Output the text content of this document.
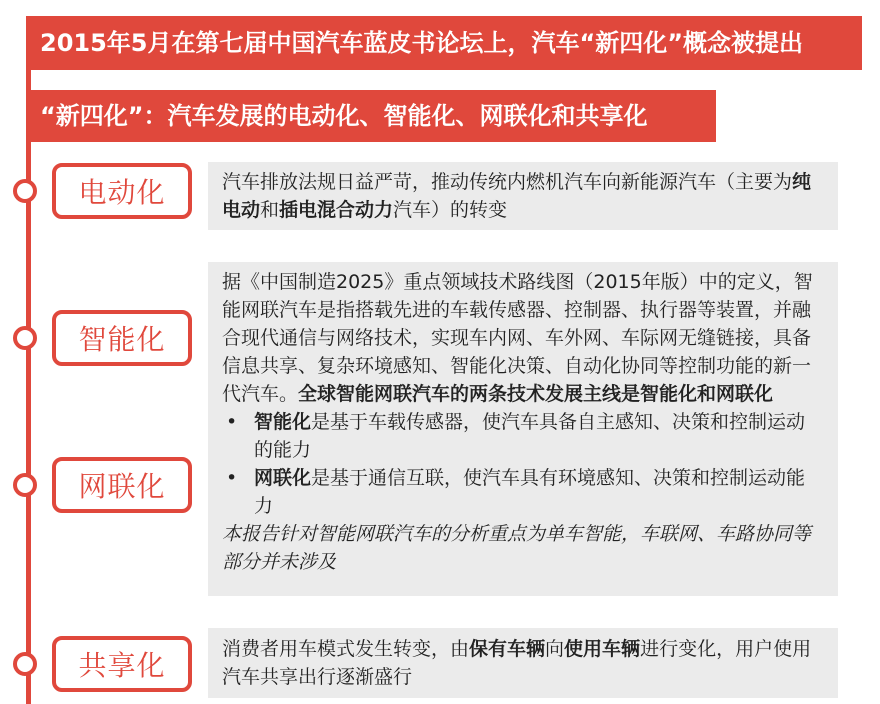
2015年5月在第七届中国汽车蓝皮书论坛上，汽车“新四化”概念被提出
“新四化”：汽车发展的电动化、智能化、网联化和共享化
电动化	汽车排放法规日益严苛，推动传统内燃机汽车向新能源汽车（主要为纯电动和插电混合动力汽车）的转变
智能化
网联化
据《中国制造2025》重点领域技术路线图（2015年版）中的定义，智能网联汽车是指搭载先进的车载传感器、控制器、执行器等装置，并融合现代通信与网络技术，实现车内网、车外网、车际网无缝链接，具备信息共享、复杂环境感知、智能化决策、自动化协同等控制功能的新一代汽车。全球智能网联汽车的两条技术发展主线是智能化和网联化
• 智能化是基于车载传感器，使汽车具备自主感知、决策和控制运动的能力
• 网联化是基于通信互联，使汽车具有环境感知、决策和控制运动能力
本报告针对智能网联汽车的分析重点为单车智能，车联网、车路协同等部分并未涉及
共享化	消费者用车模式发生转变，由保有车辆向使用车辆进行变化，用户使用汽车共享出行逐渐盛行
